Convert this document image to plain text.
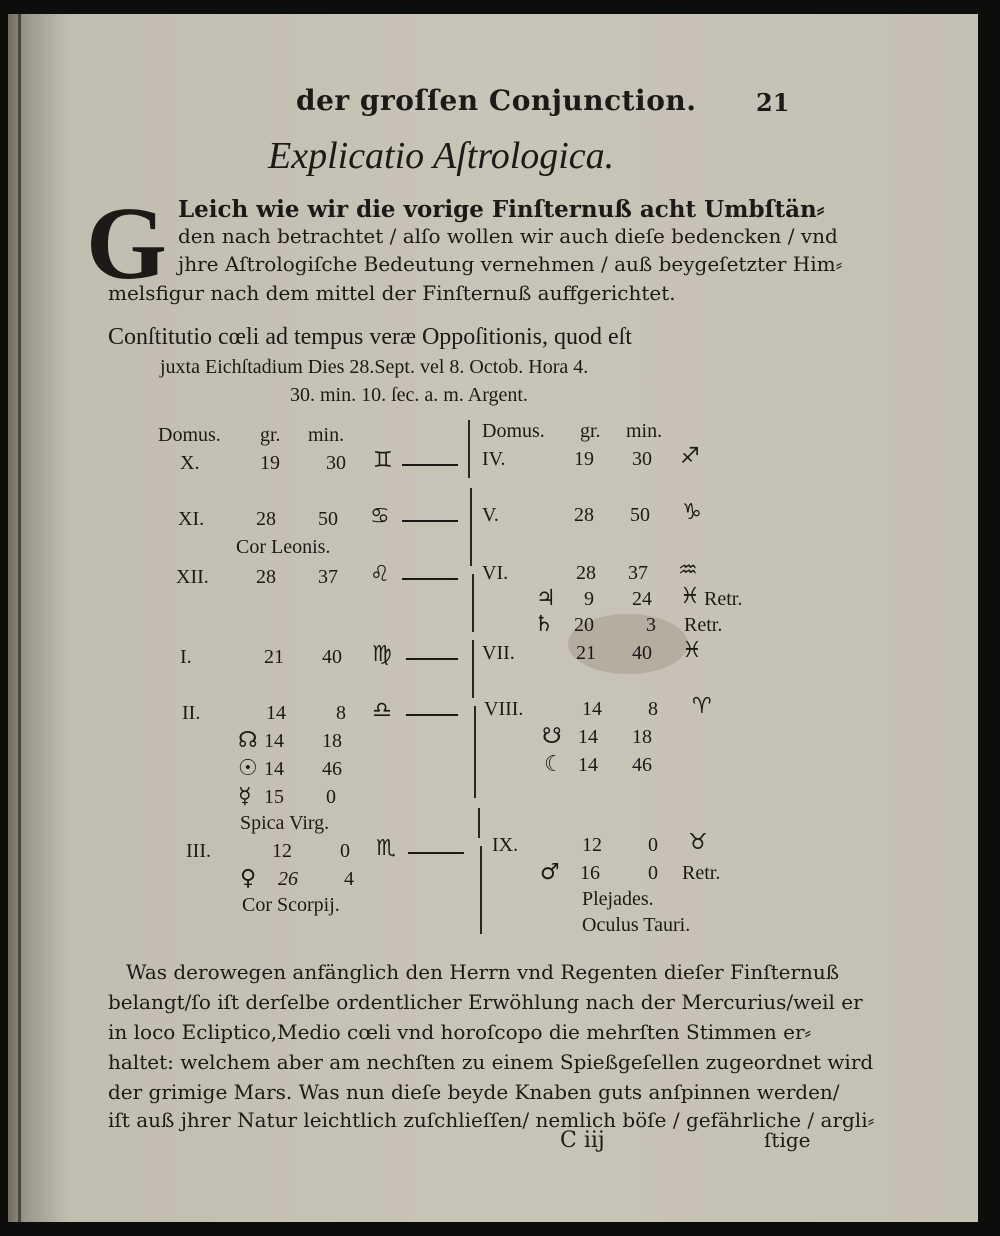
der groſſen Conjunction. 21
Explicatio Aſtrologica.
G Leich wie wir die vorige Finſternuß acht Umbſtän⸗
den nach betrachtet / alſo wollen wir auch dieſe bedencken / vnd
jhre Aſtrologiſche Bedeutung vernehmen / auß beygeſetzter Him⸗
melsfigur nach dem mittel der Finſternuß auffgerichtet.
Conſtitutio cœli ad tempus veræ Oppoſitionis, quod eſt
juxta Eichſtadium Dies 28.Sept. vel 8. Octob. Hora 4.
30. min. 10. ſec. a. m. Argent.
Domus. gr. min.
X.	19 30 ♊
XI.	28 50 ♋
Cor Leonis.
XII. 28 37 ♌
I.	21 40 ♍
II.	14	8 ♎
☊ 14 18
☉ 14 46
☿ 15 0
Spica Virg.
III.	12 0 ♏
♀ 26 4
Cor Scorpij.
Domus. gr. min.
IV.	19 30 ♐
V.	28 50 ♑
VI.	28 37 ♒
♃ 9 24 ♓ Retr.
♄ 20	3 Retr.
VII.	21 40 ♓
VIII.	14 8 ♈
☋ 14 18
☾ 14 46
IX.	12 0 ♉
♂ 16 0 Retr.
Plejades.
Oculus Tauri.
Was derowegen anfänglich den Herrn vnd Regenten dieſer Finſternuß
belangt/ſo iſt derſelbe ordentlicher Erwöhlung nach der Mercurius/weil er
in loco Ecliptico,Medio cœli vnd horoſcopo die mehrſten Stimmen er⸗
haltet: welchem aber am nechſten zu einem Spießgeſellen zugeordnet wird
der grimige Mars. Was nun dieſe beyde Knaben guts anſpinnen werden/
iſt auß jhrer Natur leichtlich zuſchlieſſen/ nemlich böſe / gefährliche / argli⸗
C iij	ſtige
